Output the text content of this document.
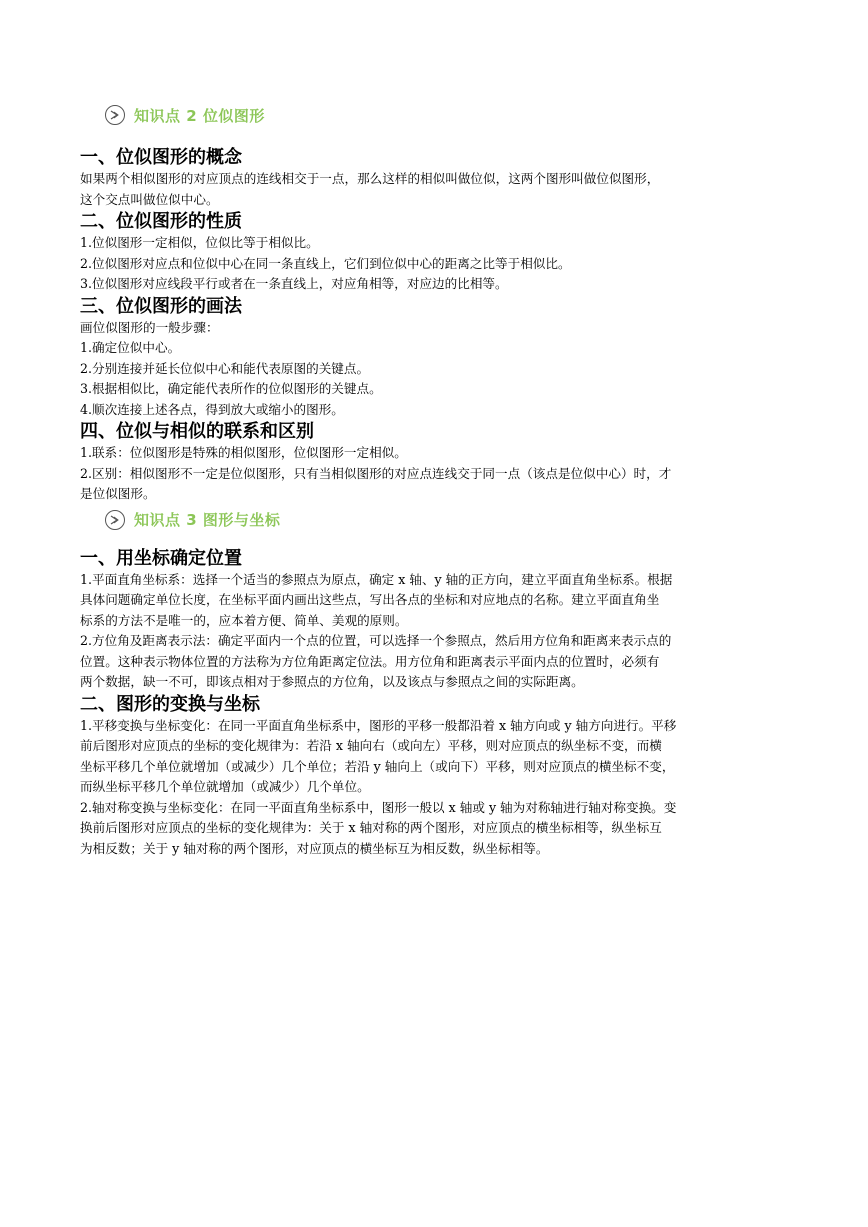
知识点 2 位似图形
一、位似图形的概念

如果两个相似图形的对应顶点的连线相交于一点，那么这样的相似叫做位似，这两个图形叫做位似图形，

这个交点叫做位似中心。

二、位似图形的性质

1.位似图形一定相似，位似比等于相似比。

2.位似图形对应点和位似中心在同一条直线上，它们到位似中心的距离之比等于相似比。

3.位似图形对应线段平行或者在一条直线上，对应角相等，对应边的比相等。

三、位似图形的画法

画位似图形的一般步骤：

1.确定位似中心。

2.分别连接并延长位似中心和能代表原图的关键点。

3.根据相似比，确定能代表所作的位似图形的关键点。

4.顺次连接上述各点，得到放大或缩小的图形。

四、位似与相似的联系和区别

1.联系：位似图形是特殊的相似图形，位似图形一定相似。

2.区别：相似图形不一定是位似图形，只有当相似图形的对应点连线交于同一点（该点是位似中心）时，才

是位似图形。

知识点 3 图形与坐标
一、用坐标确定位置

1.平面直角坐标系：选择一个适当的参照点为原点，确定 x 轴、y 轴的正方向，建立平面直角坐标系。根据

具体问题确定单位长度，在坐标平面内画出这些点，写出各点的坐标和对应地点的名称。建立平面直角坐

标系的方法不是唯一的，应本着方便、简单、美观的原则。

2.方位角及距离表示法：确定平面内一个点的位置，可以选择一个参照点，然后用方位角和距离来表示点的

位置。这种表示物体位置的方法称为方位角距离定位法。用方位角和距离表示平面内点的位置时，必须有

两个数据，缺一不可，即该点相对于参照点的方位角，以及该点与参照点之间的实际距离。

二、图形的变换与坐标

1.平移变换与坐标变化：在同一平面直角坐标系中，图形的平移一般都沿着 x 轴方向或 y 轴方向进行。平移

前后图形对应顶点的坐标的变化规律为：若沿 x 轴向右（或向左）平移，则对应顶点的纵坐标不变，而横

坐标平移几个单位就增加（或减少）几个单位；若沿 y 轴向上（或向下）平移，则对应顶点的横坐标不变，

而纵坐标平移几个单位就增加（或减少）几个单位。

2.轴对称变换与坐标变化：在同一平面直角坐标系中，图形一般以 x 轴或 y 轴为对称轴进行轴对称变换。变

换前后图形对应顶点的坐标的变化规律为：关于 x 轴对称的两个图形，对应顶点的横坐标相等，纵坐标互

为相反数；关于 y 轴对称的两个图形，对应顶点的横坐标互为相反数，纵坐标相等。
